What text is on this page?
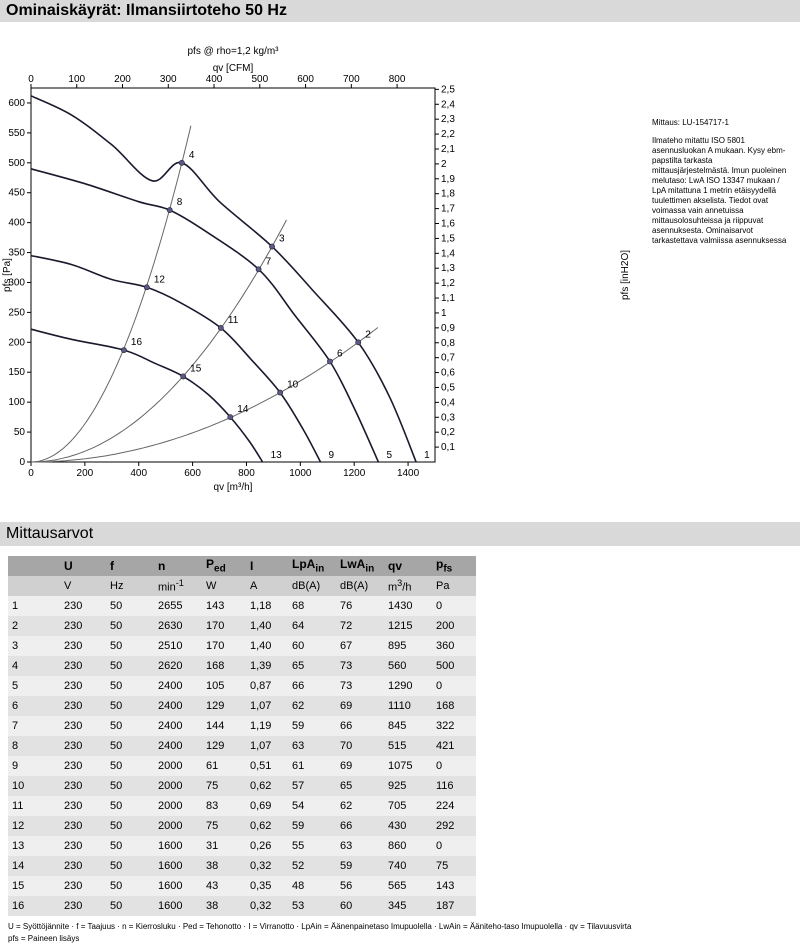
Ominaiskäyrät: Ilmansiirtoteho 50 Hz
0	200	400	600	800	1000	1200	1400
0
50
100
150
200
250
300
350
400
450
500
550
600
0	100	200	300	400	500	600	700	800
0,1
0,2
0,3
0,4
0,5
0,6
0,7
0,8
0,9
1
1,1
1,2
1,3
1,4
1,5
1,6
1,7
1,8
1,9
2
2,1
2,2
2,3
2,4
2,5
pfs @ rho=1,2 kg/m³
qv [CFM]
qv [m³/h]
pfs [Pa]	pfs [inH2O]
1
2
3
4
5
6
7
8
9
10
11
12
13
14
15
16

Mittaus: LU-154717-1

Ilmateho mitattu ISO 5801 asennusluokan A mukaan. Kysy ebm-papstilta tarkasta mittausjärjestelmästä. Imun puoleinen melutaso: LwA ISO 13347 mukaan / LpA mitattuna 1 metrin etäisyydellä tuulettimen akselista. Tiedot ovat voimassa vain annetuissa mittausolosuhteissa ja riippuvat asennuksesta. Ominaisarvot tarkastettava valmiissa asennuksessa

Mittausarvot
	U	f	n	$P_{ed}$	I	LpA$_{in}$	LwA$_{in}$	qv	$p_{fs}$
	V	Hz	$\min^{-1}$	W	A	dB(A)	dB(A)	$m^3/h$	Pa
1	230	50	2655	143	1,18	68	76	1430	0
2	230	50	2630	170	1,40	64	72	1215	200
3	230	50	2510	170	1,40	60	67	895	360
4	230	50	2620	168	1,39	65	73	560	500
5	230	50	2400	105	0,87	66	73	1290	0
6	230	50	2400	129	1,07	62	69	1110	168
7	230	50	2400	144	1,19	59	66	845	322
8	230	50	2400	129	1,07	63	70	515	421
9	230	50	2000	61	0,51	61	69	1075	0
10	230	50	2000	75	0,62	57	65	925	116
11	230	50	2000	83	0,69	54	62	705	224
12	230	50	2000	75	0,62	59	66	430	292
13	230	50	1600	31	0,26	55	63	860	0
14	230	50	1600	38	0,32	52	59	740	75
15	230	50	1600	43	0,35	48	56	565	143
16	230	50	1600	38	0,32	53	60	345	187
U = Syöttöjännite · f = Taajuus · n = Kierrosluku · Ped = Tehonotto · I = Virranotto · LpAin = Äänenpainetaso Imupuolella · LwAin = Ääniteho-taso Imupuolella · qv = Tilavuusvirta
pfs = Paineen lisäys
